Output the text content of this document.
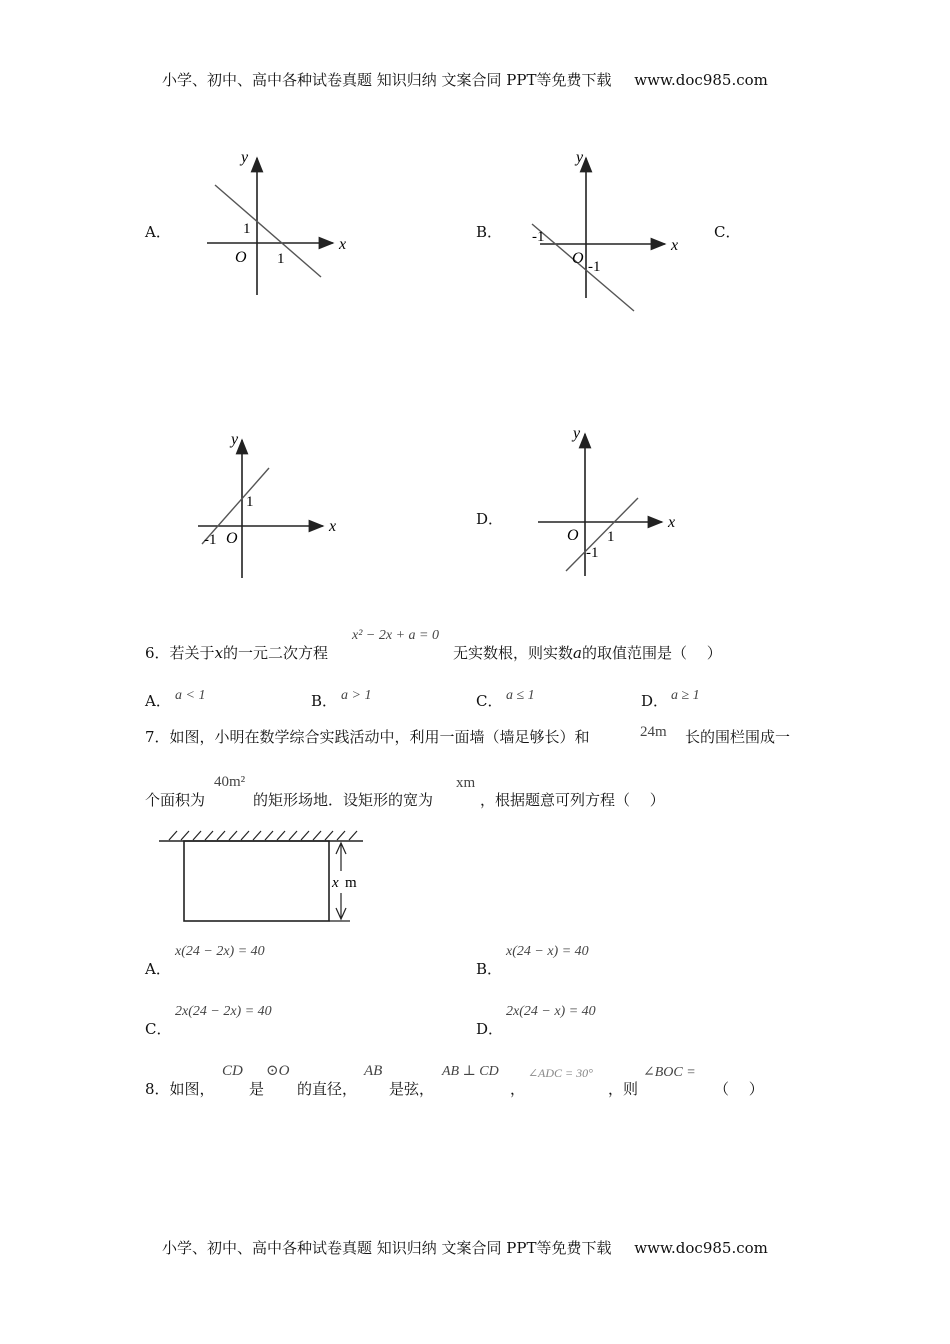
小学、初中、高中各种试卷真题 知识归纳 文案合同 PPT等免费下载 www.doc985.com
A．
x
y
O
1
1
B．
x
y
O
-1
-1
C．
x
y
O
1
-1
D．	x
y
O 1
-1
6．若关于x的一元二次方程
x² − 2x + a = 0
无实数根，则实数a的取值范围是（　 ）
A． a < 1	B． a > 1	C． a ≤ 1	D． a ≥ 1
7．如图，小明在数学综合实践活动中，利用一面墙（墙足够长）和	24m 长的围栏围成一
个面积为
40m²
的矩形场地．设矩形的宽为
xm
，根据题意可列方程（　 ）
x m
A．
x(24 − 2x) = 40
B．
x(24 − x) = 40
C．
2x(24 − 2x) = 40
D．
2x(24 − x) = 40
8．如图，
CD
是
⊙O
的直径，
AB
是弦，
AB ⊥ CD
，
∠ADC = 30°
，则
∠BOC =
（　 ）
小学、初中、高中各种试卷真题 知识归纳 文案合同 PPT等免费下载 www.doc985.com
